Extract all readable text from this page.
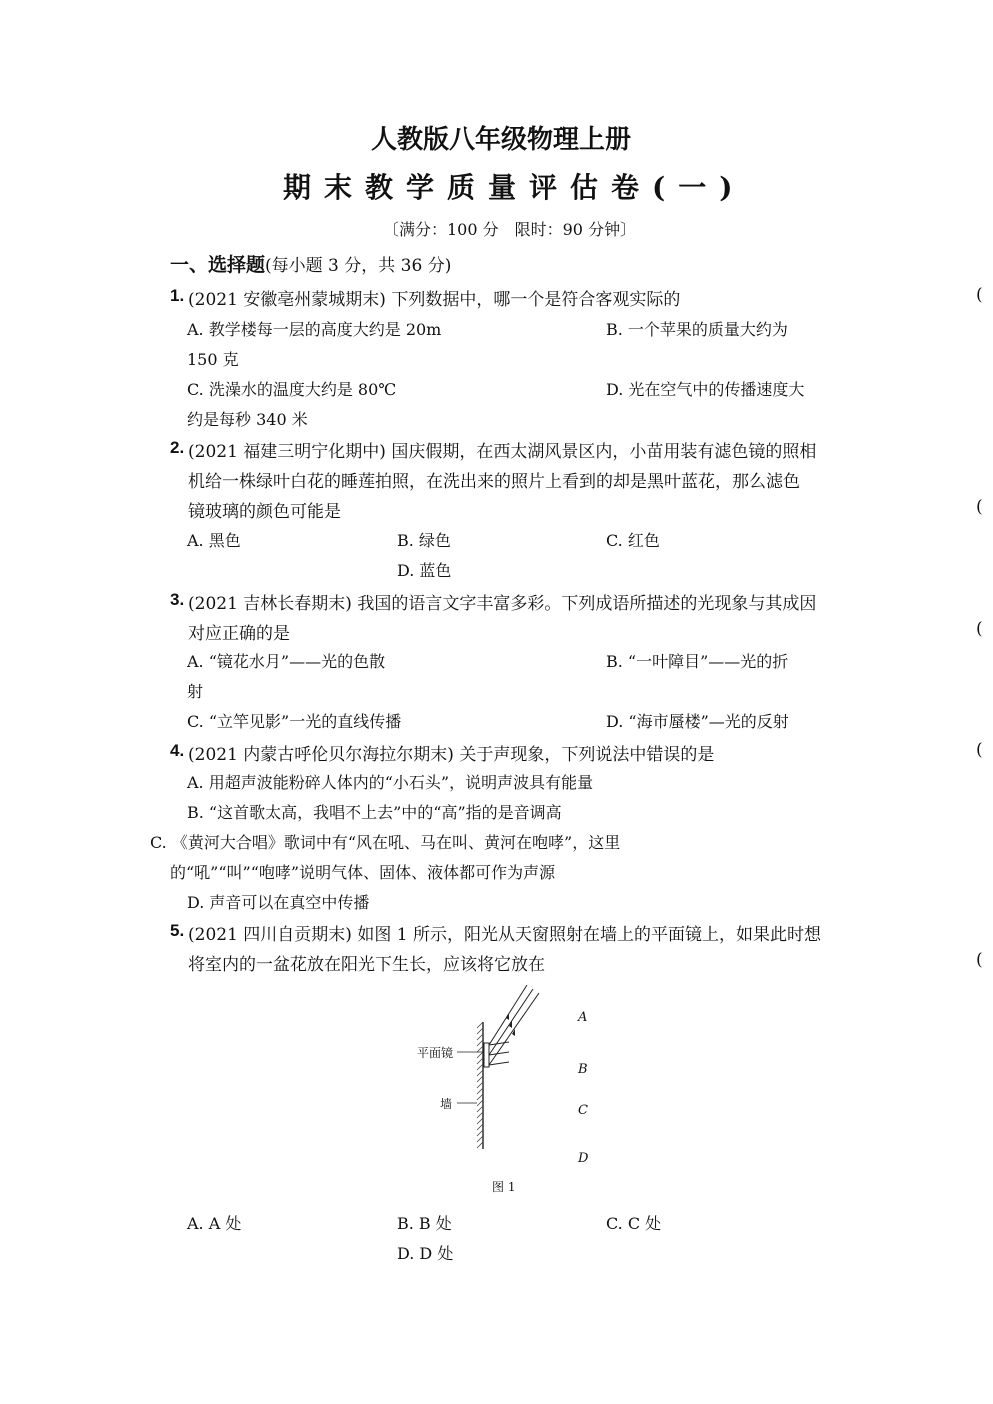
人教版八年级物理上册
期末教学质量评估卷(一)
〔满分：100 分　限时：90 分钟〕
一、选择题(每小题 3 分，共 36 分)
1. (2021 安徽亳州蒙城期末) 下列数据中，哪一个是符合客观实际的	(
A. 教学楼每一层的高度大约是 20m	B. 一个苹果的质量大约为
150 克
C. 洗澡水的温度大约是 80℃	D. 光在空气中的传播速度大
约是每秒 340 米
2. (2021 福建三明宁化期中) 国庆假期，在西太湖风景区内，小苗用装有滤色镜的照相
机给一株绿叶白花的睡莲拍照，在洗出来的照片上看到的却是黑叶蓝花，那么滤色
镜玻璃的颜色可能是	(
A. 黑色	B. 绿色	C. 红色
D. 蓝色
3. (2021 吉林长春期末) 我国的语言文字丰富多彩。下列成语所描述的光现象与其成因
对应正确的是	(
A. “镜花水月”——光的色散	B. “一叶障目”——光的折
射
C. “立竿见影”一光的直线传播	D. “海市蜃楼”—光的反射
4. (2021 内蒙古呼伦贝尔海拉尔期末) 关于声现象，下列说法中错误的是	(
A. 用超声波能粉碎人体内的“小石头”，说明声波具有能量
B. “这首歌太高，我唱不上去”中的“高”指的是音调高
C. 《黄河大合唱》歌词中有“风在吼、马在叫、黄河在咆哮”，这里
的“吼”“叫”“咆哮”说明气体、固体、液体都可作为声源
D. 声音可以在真空中传播
5. (2021 四川自贡期末) 如图 1 所示，阳光从天窗照射在墙上的平面镜上，如果此时想
将室内的一盆花放在阳光下生长，应该将它放在	(
平面镜
墙
图 1
A
B
C
D
A. A 处	B. B 处	C. C 处
D. D 处
